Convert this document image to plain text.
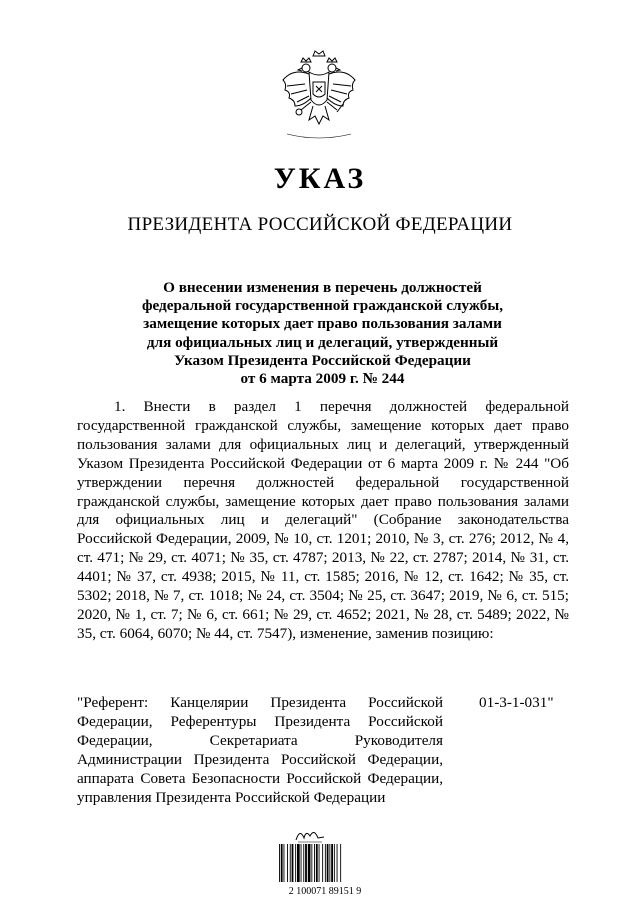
УКАЗ
ПРЕЗИДЕНТА РОССИЙСКОЙ ФЕДЕРАЦИИ
О внесении изменения в перечень должностей
федеральной государственной гражданской службы,
замещение которых дает право пользования залами
для официальных лиц и делегаций, утвержденный
Указом Президента Российской Федерации
от 6 марта 2009 г. № 244

1. Внести в раздел 1 перечня должностей федеральной государственной гражданской службы, замещение которых дает право пользования залами для официальных лиц и делегаций, утвержденный Указом Президента Российской Федерации от 6 марта 2009 г. № 244 "Об утверждении перечня должностей федеральной государственной гражданской службы, замещение которых дает право пользования залами для официальных лиц и делегаций" (Собрание законодательства Российской Федерации, 2009, № 10, ст. 1201; 2010, № 3, ст. 276; 2012, № 4, ст. 471; № 29, ст. 4071; № 35, ст. 4787; 2013, № 22, ст. 2787; 2014, № 31, ст. 4401; № 37, ст. 4938; 2015, № 11, ст. 1585; 2016, № 12, ст. 1642; № 35, ст. 5302; 2018, № 7, ст. 1018; № 24, ст. 3504; № 25, ст. 3647; 2019, № 6, ст. 515; 2020, № 1, ст. 7; № 6, ст. 661; № 29, ст. 4652; 2021, № 28, ст. 5489; 2022, № 35, ст. 6064, 6070; № 44, ст. 7547), изменение, заменив позицию:

"Референт: Канцелярии Президента Российской Федерации, Референтуры Президента Российской Федерации, Секретариата Руководителя Администрации Президента Российской Федерации, аппарата Совета Безопасности Российской Федерации, управления Президента Российской Федерации
01-3-1-031"
2 100071 89151 9
